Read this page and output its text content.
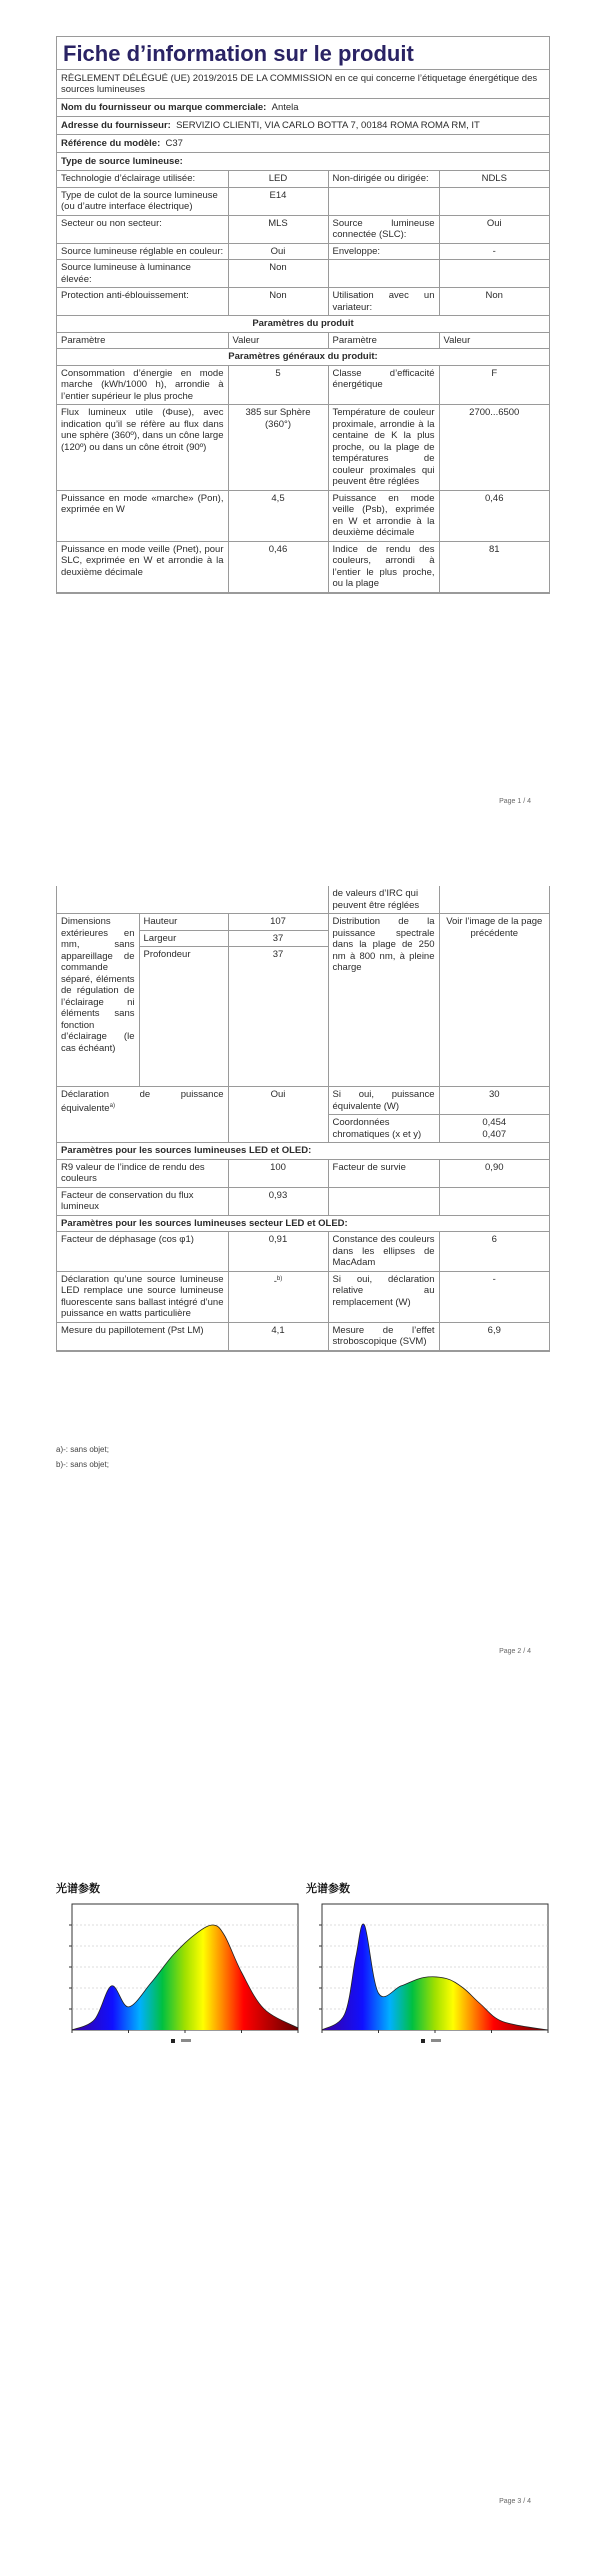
Fiche d’information sur le produit
RÈGLEMENT DÉLÉGUÉ (UE) 2019/2015 DE LA COMMISSION en ce qui concerne l’étiquetage énergétique des sources lumineuses
Nom du fournisseur ou marque commerciale: Antela
Adresse du fournisseur: SERVIZIO CLIENTI, VIA CARLO BOTTA 7, 00184 ROMA ROMA RM, IT
Référence du modèle: C37
Type de source lumineuse:
Technologie d’éclairage utilisée:	LED	Non-dirigée ou dirigée:	NDLS
Type de culot de la source lumineuse (ou d’autre interface électrique)	E14		
Secteur ou non secteur:	MLS	Source lumineuse connectée (SLC):	Oui
Source lumineuse réglable en couleur:	Oui	Enveloppe:	-
Source lumineuse à luminance élevée:	Non		
Protection anti-éblouissement:	Non	Utilisation avec un variateur:	Non
Paramètres du produit			
Paramètre	Valeur	Paramètre	Valeur
Paramètres généraux du produit:			
Consommation d’énergie en mode marche (kWh/1000 h), arrondie à l’entier supérieur le plus proche	5	Classe d’efficacité énergétique	F
Flux lumineux utile (Φuse), avec indication qu’il se réfère au flux dans une sphère (360º), dans un cône large (120º) ou dans un cône étroit (90º)	385 sur Sphère (360°)	Température de couleur proximale, arrondie à la centaine de K la plus proche, ou la plage de températures de couleur proximales qui peuvent être réglées	2700...6500
Puissance en mode «marche» (Pon), exprimée en W	4,5	Puissance en mode veille (Psb), exprimée en W et arrondie à la deuxième décimale	0,46
Puissance en mode veille (Pnet), pour SLC, exprimée en W et arrondie à la deuxième décimale	0,46	Indice de rendu des couleurs, arrondi à l’entier le plus proche, ou la plage	81
Page 1 / 4
			de valeurs d’IRC qui peuvent être réglées	
Dimensions extérieures en mm, sans appareillage de commande séparé, éléments de régulation de l’éclairage ni éléments sans fonction d’éclairage (le cas échéant)	Hauteur	107	Distribution de la puissance spectrale dans la plage de 250 nm à 800 nm, à pleine charge	Voir l’image de la page précédente
	Largeur	37		
	Profondeur	37		
Déclaration de puissance équivalente$^{a)}$		Oui	Si oui, puissance équivalente (W)	30
			Coordonnées chromatiques (x et y)	0,454
0,407

Paramètres pour les sources lumineuses LED et OLED:				
R9 valeur de l’indice de rendu des couleurs		100	Facteur de survie	0,90
Facteur de conservation du flux lumineux		0,93		
Paramètres pour les sources lumineuses secteur LED et OLED:				
Facteur de déphasage (cos φ1)		0,91	Constance des couleurs dans les ellipses de MacAdam	6
Déclaration qu’une source lumineuse LED remplace une source lumineuse fluorescente sans ballast intégré d’une puissance en watts particulière		-$^{b)}$	Si oui, déclaration relative au remplacement (W)	-
Mesure du papillotement (Pst LM)		4,1	Mesure de l’effet stroboscopique (SVM)	6,9
a)-: sans objet;
b)-: sans objet;
Page 2 / 4
光谱参数	光谱参数
Page 3 / 4
